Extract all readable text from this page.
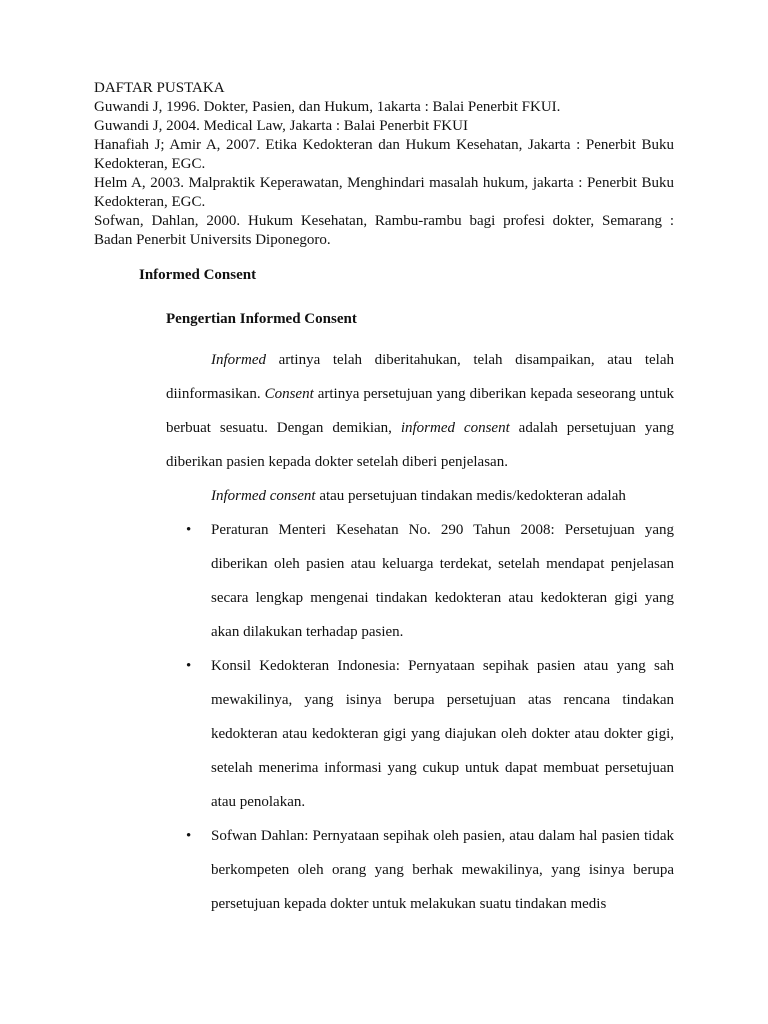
DAFTAR PUSTAKA
Guwandi J, 1996. Dokter, Pasien, dan Hukum, 1akarta : Balai Penerbit FKUI.
Guwandi J, 2004. Medical Law, Jakarta : Balai Penerbit FKUI
Hanafiah J; Amir A, 2007. Etika Kedokteran dan Hukum Kesehatan, Jakarta : Penerbit Buku Kedokteran, EGC.
Helm A, 2003. Malpraktik Keperawatan, Menghindari masalah hukum, jakarta : Penerbit Buku Kedokteran, EGC.
Sofwan, Dahlan, 2000. Hukum Kesehatan, Rambu-rambu bagi profesi dokter, Semarang : Badan Penerbit Universits Diponegoro.
Informed Consent
Pengertian Informed Consent

Informed artinya telah diberitahukan, telah disampaikan, atau telah diinformasikan. Consent artinya persetujuan yang diberikan kepada seseorang untuk berbuat sesuatu. Dengan demikian, informed consent adalah persetujuan yang diberikan pasien kepada dokter setelah diberi penjelasan.

Informed consent atau persetujuan tindakan medis/kedokteran adalah

• Peraturan Menteri Kesehatan No. 290 Tahun 2008: Persetujuan yang diberikan oleh pasien atau keluarga terdekat, setelah mendapat penjelasan secara lengkap mengenai tindakan kedokteran atau kedokteran gigi yang akan dilakukan terhadap pasien.
• Konsil Kedokteran Indonesia: Pernyataan sepihak pasien atau yang sah mewakilinya, yang isinya berupa persetujuan atas rencana tindakan kedokteran atau kedokteran gigi yang diajukan oleh dokter atau dokter gigi, setelah menerima informasi yang cukup untuk dapat membuat persetujuan atau penolakan.
• Sofwan Dahlan: Pernyataan sepihak oleh pasien, atau dalam hal pasien tidak berkompeten oleh orang yang berhak mewakilinya, yang isinya berupa persetujuan kepada dokter untuk melakukan suatu tindakan medis
